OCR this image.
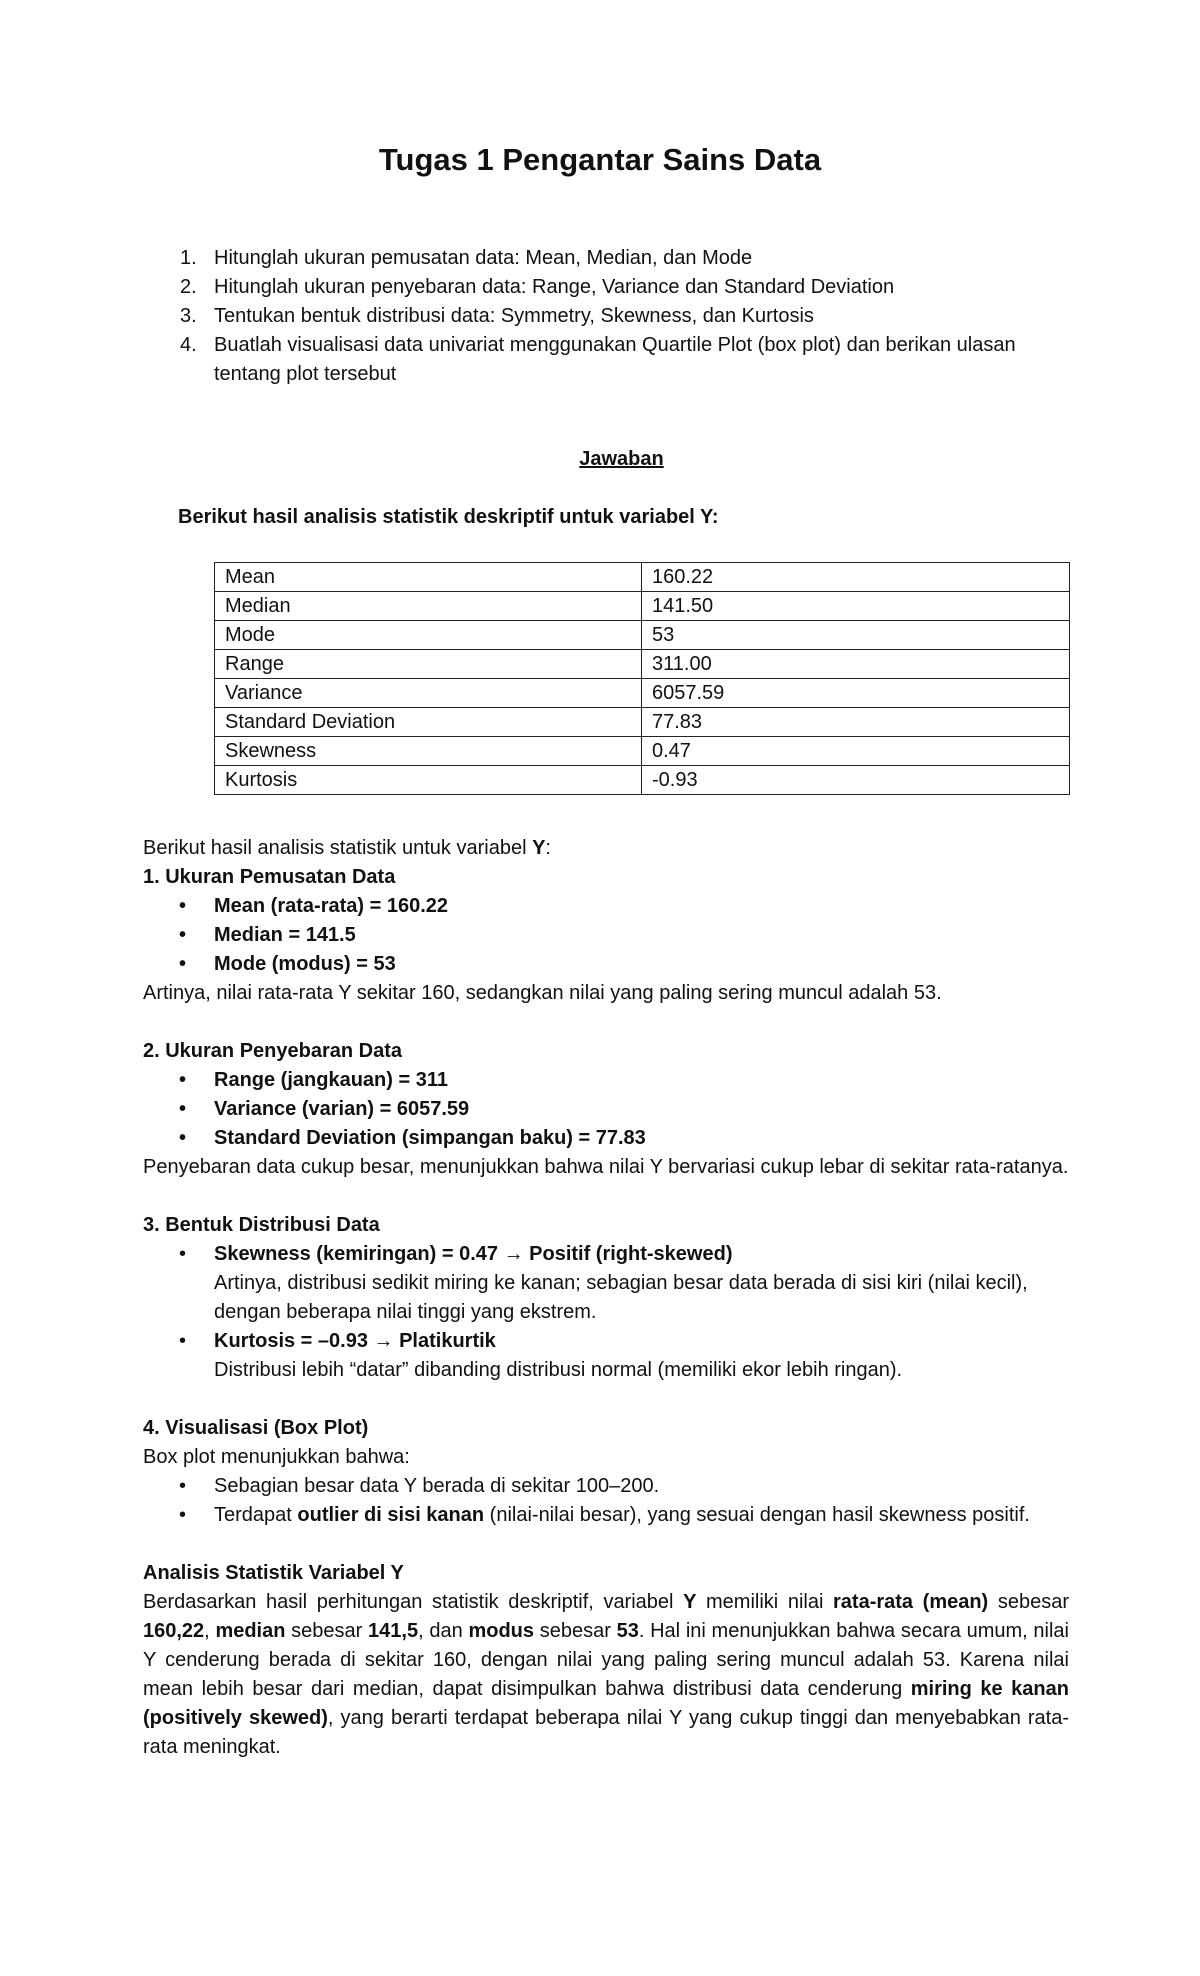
Tugas 1 Pengantar Sains Data
1. Hitunglah ukuran pemusatan data: Mean, Median, dan Mode
2. Hitunglah ukuran penyebaran data: Range, Variance dan Standard Deviation
3. Tentukan bentuk distribusi data: Symmetry, Skewness, dan Kurtosis
4. Buatlah visualisasi data univariat menggunakan Quartile Plot (box plot) dan berikan ulasan tentang plot tersebut
Jawaban
Berikut hasil analisis statistik deskriptif untuk variabel Y:
Mean	160.22
Median	141.50
Mode	53
Range	311.00
Variance	6057.59
Standard Deviation	77.83
Skewness	0.47
Kurtosis	-0.93

Berikut hasil analisis statistik untuk variabel Y:

1. Ukuran Pemusatan Data

• Mean (rata-rata) = 160.22
• Median = 141.5
• Mode (modus) = 53

Artinya, nilai rata-rata Y sekitar 160, sedangkan nilai yang paling sering muncul adalah 53.

2. Ukuran Penyebaran Data

• Range (jangkauan) = 311
• Variance (varian) = 6057.59
• Standard Deviation (simpangan baku) = 77.83

Penyebaran data cukup besar, menunjukkan bahwa nilai Y bervariasi cukup lebar di sekitar rata-ratanya.

3. Bentuk Distribusi Data

• Skewness (kemiringan) = 0.47 → Positif (right-skewed)
Artinya, distribusi sedikit miring ke kanan; sebagian besar data berada di sisi kiri (nilai kecil), dengan beberapa nilai tinggi yang ekstrem.
• Kurtosis = –0.93 → Platikurtik
Distribusi lebih “datar” dibanding distribusi normal (memiliki ekor lebih ringan).

4. Visualisasi (Box Plot)

Box plot menunjukkan bahwa:

• Sebagian besar data Y berada di sekitar 100–200.
• Terdapat outlier di sisi kanan (nilai-nilai besar), yang sesuai dengan hasil skewness positif.

Analisis Statistik Variabel Y

Berdasarkan hasil perhitungan statistik deskriptif, variabel Y memiliki nilai rata-rata (mean) sebesar 160,22, median sebesar 141,5, dan modus sebesar 53. Hal ini menunjukkan bahwa secara umum, nilai Y cenderung berada di sekitar 160, dengan nilai yang paling sering muncul adalah 53. Karena nilai mean lebih besar dari median, dapat disimpulkan bahwa distribusi data cenderung miring ke kanan (positively skewed), yang berarti terdapat beberapa nilai Y yang cukup tinggi dan menyebabkan rata-rata meningkat.
